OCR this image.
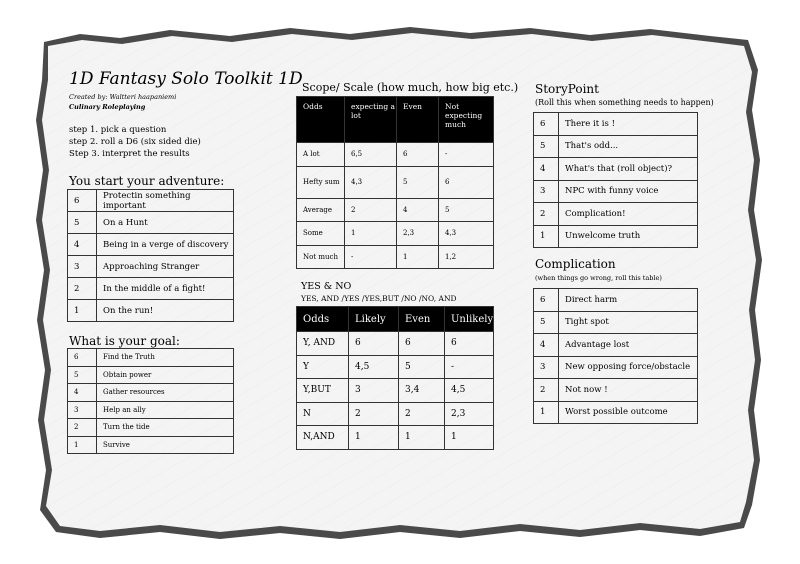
1D Fantasy Solo Toolkit 1D
Created by: Waltteri haapaniemi
Culinary Roleplaying
step 1. pick a question
step 2. roll a D6 (six sided die)
Step 3. interpret the results
You start your adventure:
6	Protectin something important
5	On a Hunt
4	Being in a verge of discovery
3	Approaching Stranger
2	In the middle of a fight!
1	On the run!
What is your goal:
6	Find the Truth
5	Obtain power
4	Gather resources
3	Help an ally
2	Turn the tide
1	Survive
Scope/ Scale (how much, how big etc.)
Odds	expecting a lot	Even	Not expecting much
A lot	6,5	6	-
Hefty sum	4,3	5	6
Average	2	4	5
Some	1	2,3	4,3
Not much	-	1	1,2
YES & NO
YES, AND /YES /YES,BUT /NO /NO, AND
Odds	Likely	Even	Unlikely
Y, AND	6	6	6
Y	4,5	5	-
Y,BUT	3	3,4	4,5
N	2	2	2,3
N,AND	1	1	1
StoryPoint
(Roll this when something needs to happen)
6	There it is !
5	That's odd...
4	What's that (roll object)?
3	NPC with funny voice
2	Complication!
1	Unwelcome truth
Complication
(when things go wrong, roll this table)
6	Direct harm
5	Tight spot
4	Advantage lost
3	New opposing force/obstacle
2	Not now !
1	Worst possible outcome
